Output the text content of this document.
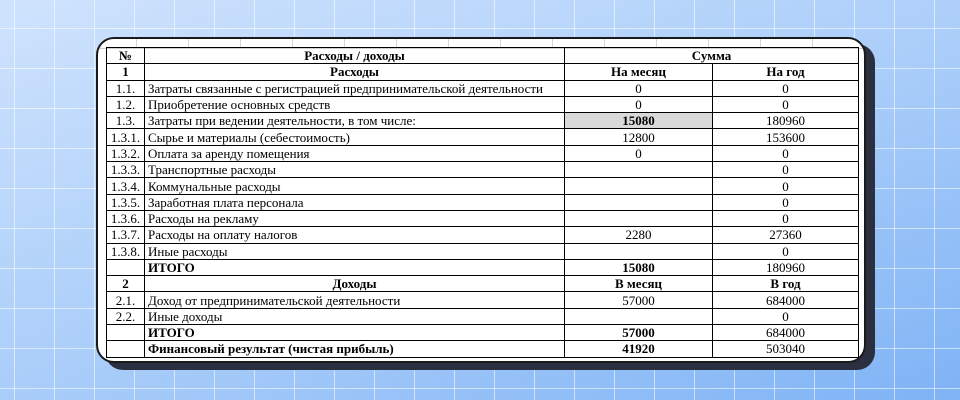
№	Расходы / доходы	Сумма	
1	Расходы	На месяц	На год
1.1.	Затраты связанные с регистрацией предпринимательской деятельности	0	0
1.2.	Приобретение основных средств	0	0
1.3.	Затраты при ведении деятельности, в том числе:	15080	180960
1.3.1.	Сырье и материалы (себестоимость)	12800	153600
1.3.2.	Оплата за аренду помещения	0	0
1.3.3.	Транспортные расходы		0
1.3.4.	Коммунальные расходы		0
1.3.5.	Заработная плата персонала		0
1.3.6.	Расходы на рекламу		0
1.3.7.	Расходы на оплату налогов	2280	27360
1.3.8.	Иные расходы		0
	ИТОГО	15080	180960
2	Доходы	В месяц	В год
2.1.	Доход от предпринимательской деятельности	57000	684000
2.2.	Иные доходы		0
	ИТОГО	57000	684000
	Финансовый результат (чистая прибыль)	41920	503040
